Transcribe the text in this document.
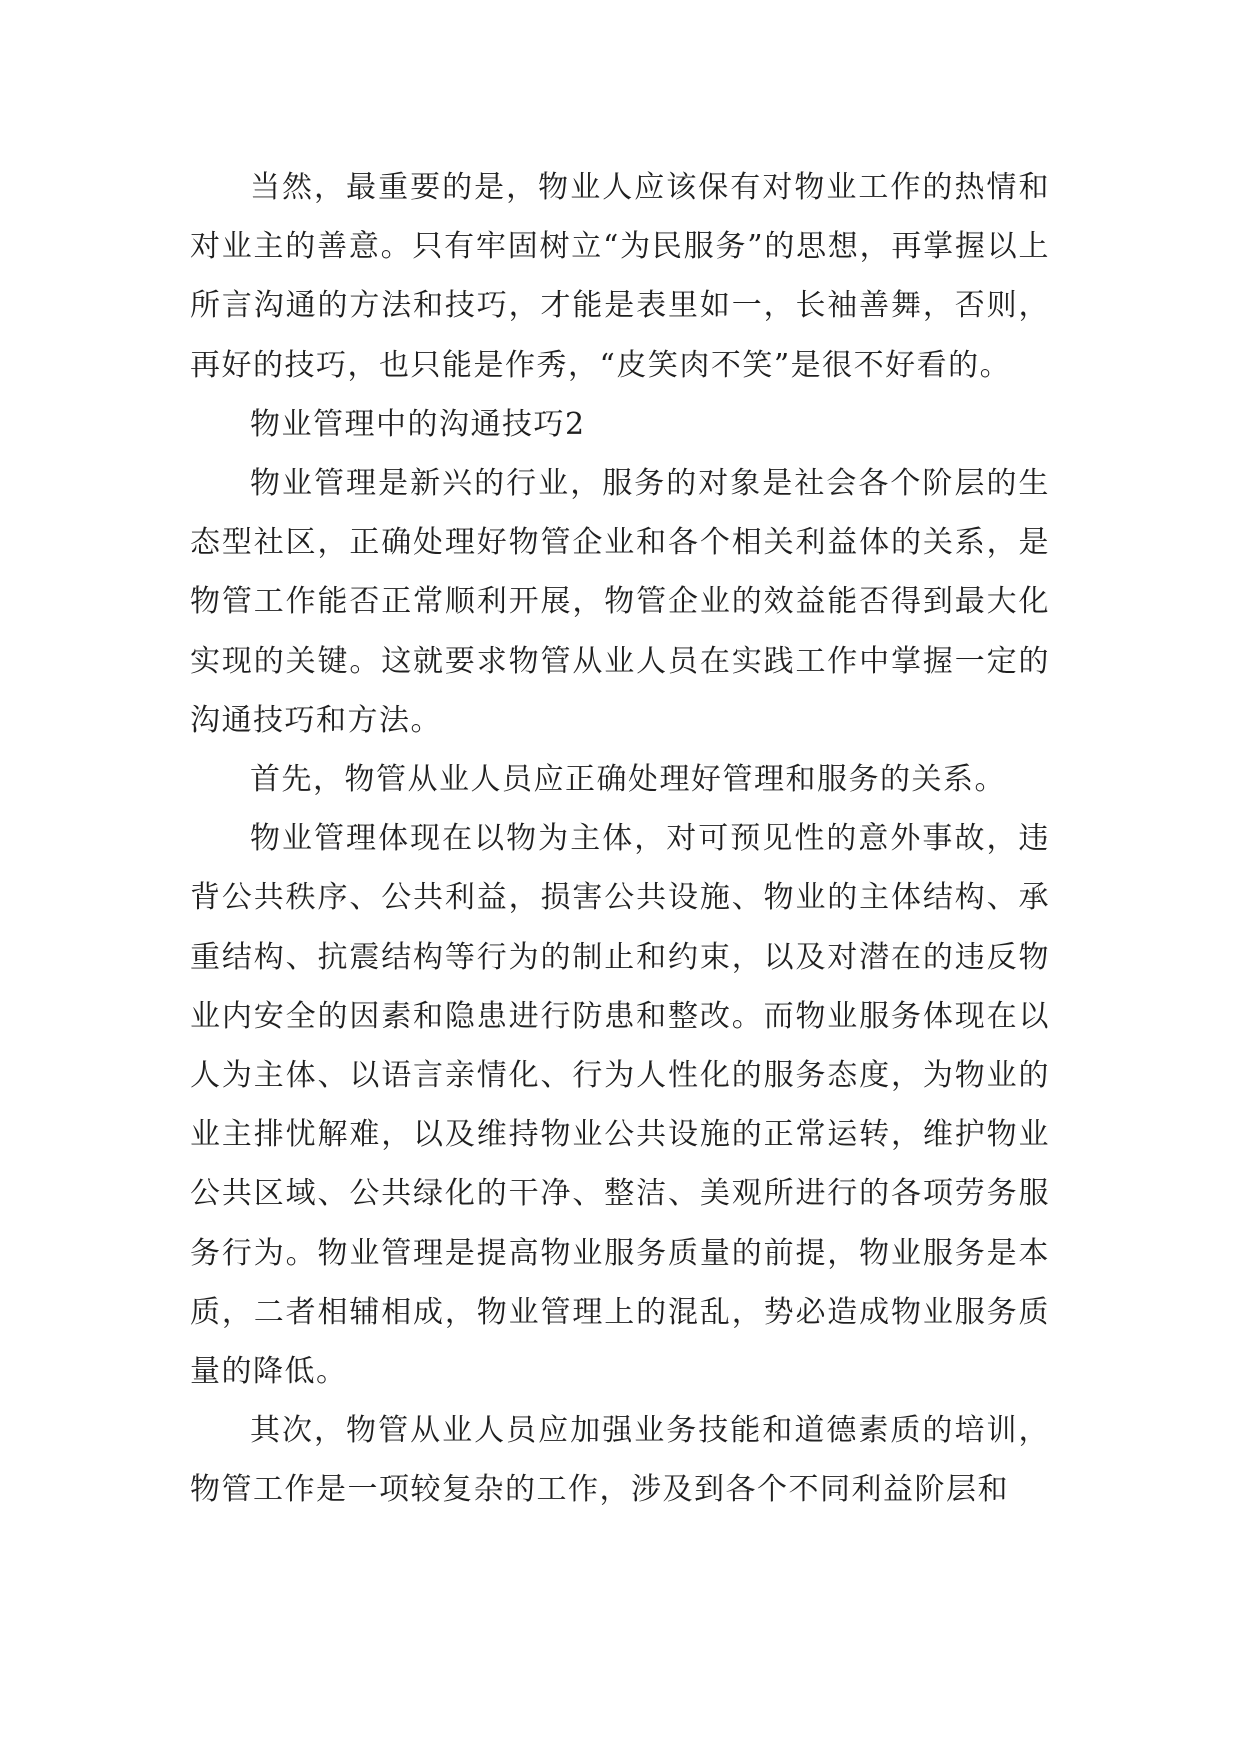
当然，最重要的是，物业人应该保有对物业工作的热情和对业主的善意。只有牢固树立“为民服务”的思想，再掌握以上所言沟通的方法和技巧，才能是表里如一，长袖善舞，否则，再好的技巧，也只能是作秀，“皮笑肉不笑”是很不好看的。

物业管理中的沟通技巧2

物业管理是新兴的行业，服务的对象是社会各个阶层的生态型社区，正确处理好物管企业和各个相关利益体的关系，是物管工作能否正常顺利开展，物管企业的效益能否得到最大化实现的关键。这就要求物管从业人员在实践工作中掌握一定的沟通技巧和方法。

首先，物管从业人员应正确处理好管理和服务的关系。

物业管理体现在以物为主体，对可预见性的意外事故，违背公共秩序、公共利益，损害公共设施、物业的主体结构、承重结构、抗震结构等行为的制止和约束，以及对潜在的违反物业内安全的因素和隐患进行防患和整改。而物业服务体现在以人为主体、以语言亲情化、行为人性化的服务态度，为物业的业主排忧解难，以及维持物业公共设施的正常运转，维护物业公共区域、公共绿化的干净、整洁、美观所进行的各项劳务服务行为。物业管理是提高物业服务质量的前提，物业服务是本质，二者相辅相成，物业管理上的混乱，势必造成物业服务质量的降低。

其次，物管从业人员应加强业务技能和道德素质的培训，物管工作是一项较复杂的工作，涉及到各个不同利益阶层和
